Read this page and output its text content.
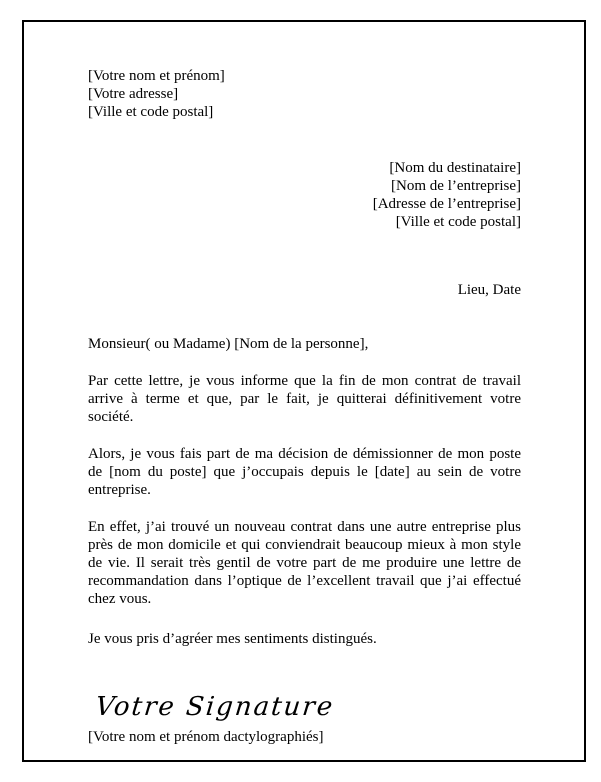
[Votre nom et prénom]
[Votre adresse]
[Ville et code postal]
[Nom du destinataire]
[Nom de l’entreprise]
[Adresse de l’entreprise]
[Ville et code postal]
Lieu, Date
Monsieur( ou Madame) [Nom de la personne],
Par cette lettre, je vous informe que la fin de mon contrat de travail arrive à terme et que, par le fait, je quitterai définitivement votre société.
Alors, je vous fais part de ma décision de démissionner de mon poste de [nom du poste] que j’occupais depuis le [date] au sein de votre entreprise.
En effet, j’ai trouvé un nouveau contrat dans une autre entreprise plus près de mon domicile et qui conviendrait beaucoup mieux à mon style de vie. Il serait très gentil de votre part de me produire une lettre de recommandation dans l’optique de l’excellent travail que j’ai effectué chez vous.
Je vous pris d’agréer mes sentiments distingués.
Votre Signature
[Votre nom et prénom dactylographiés]
